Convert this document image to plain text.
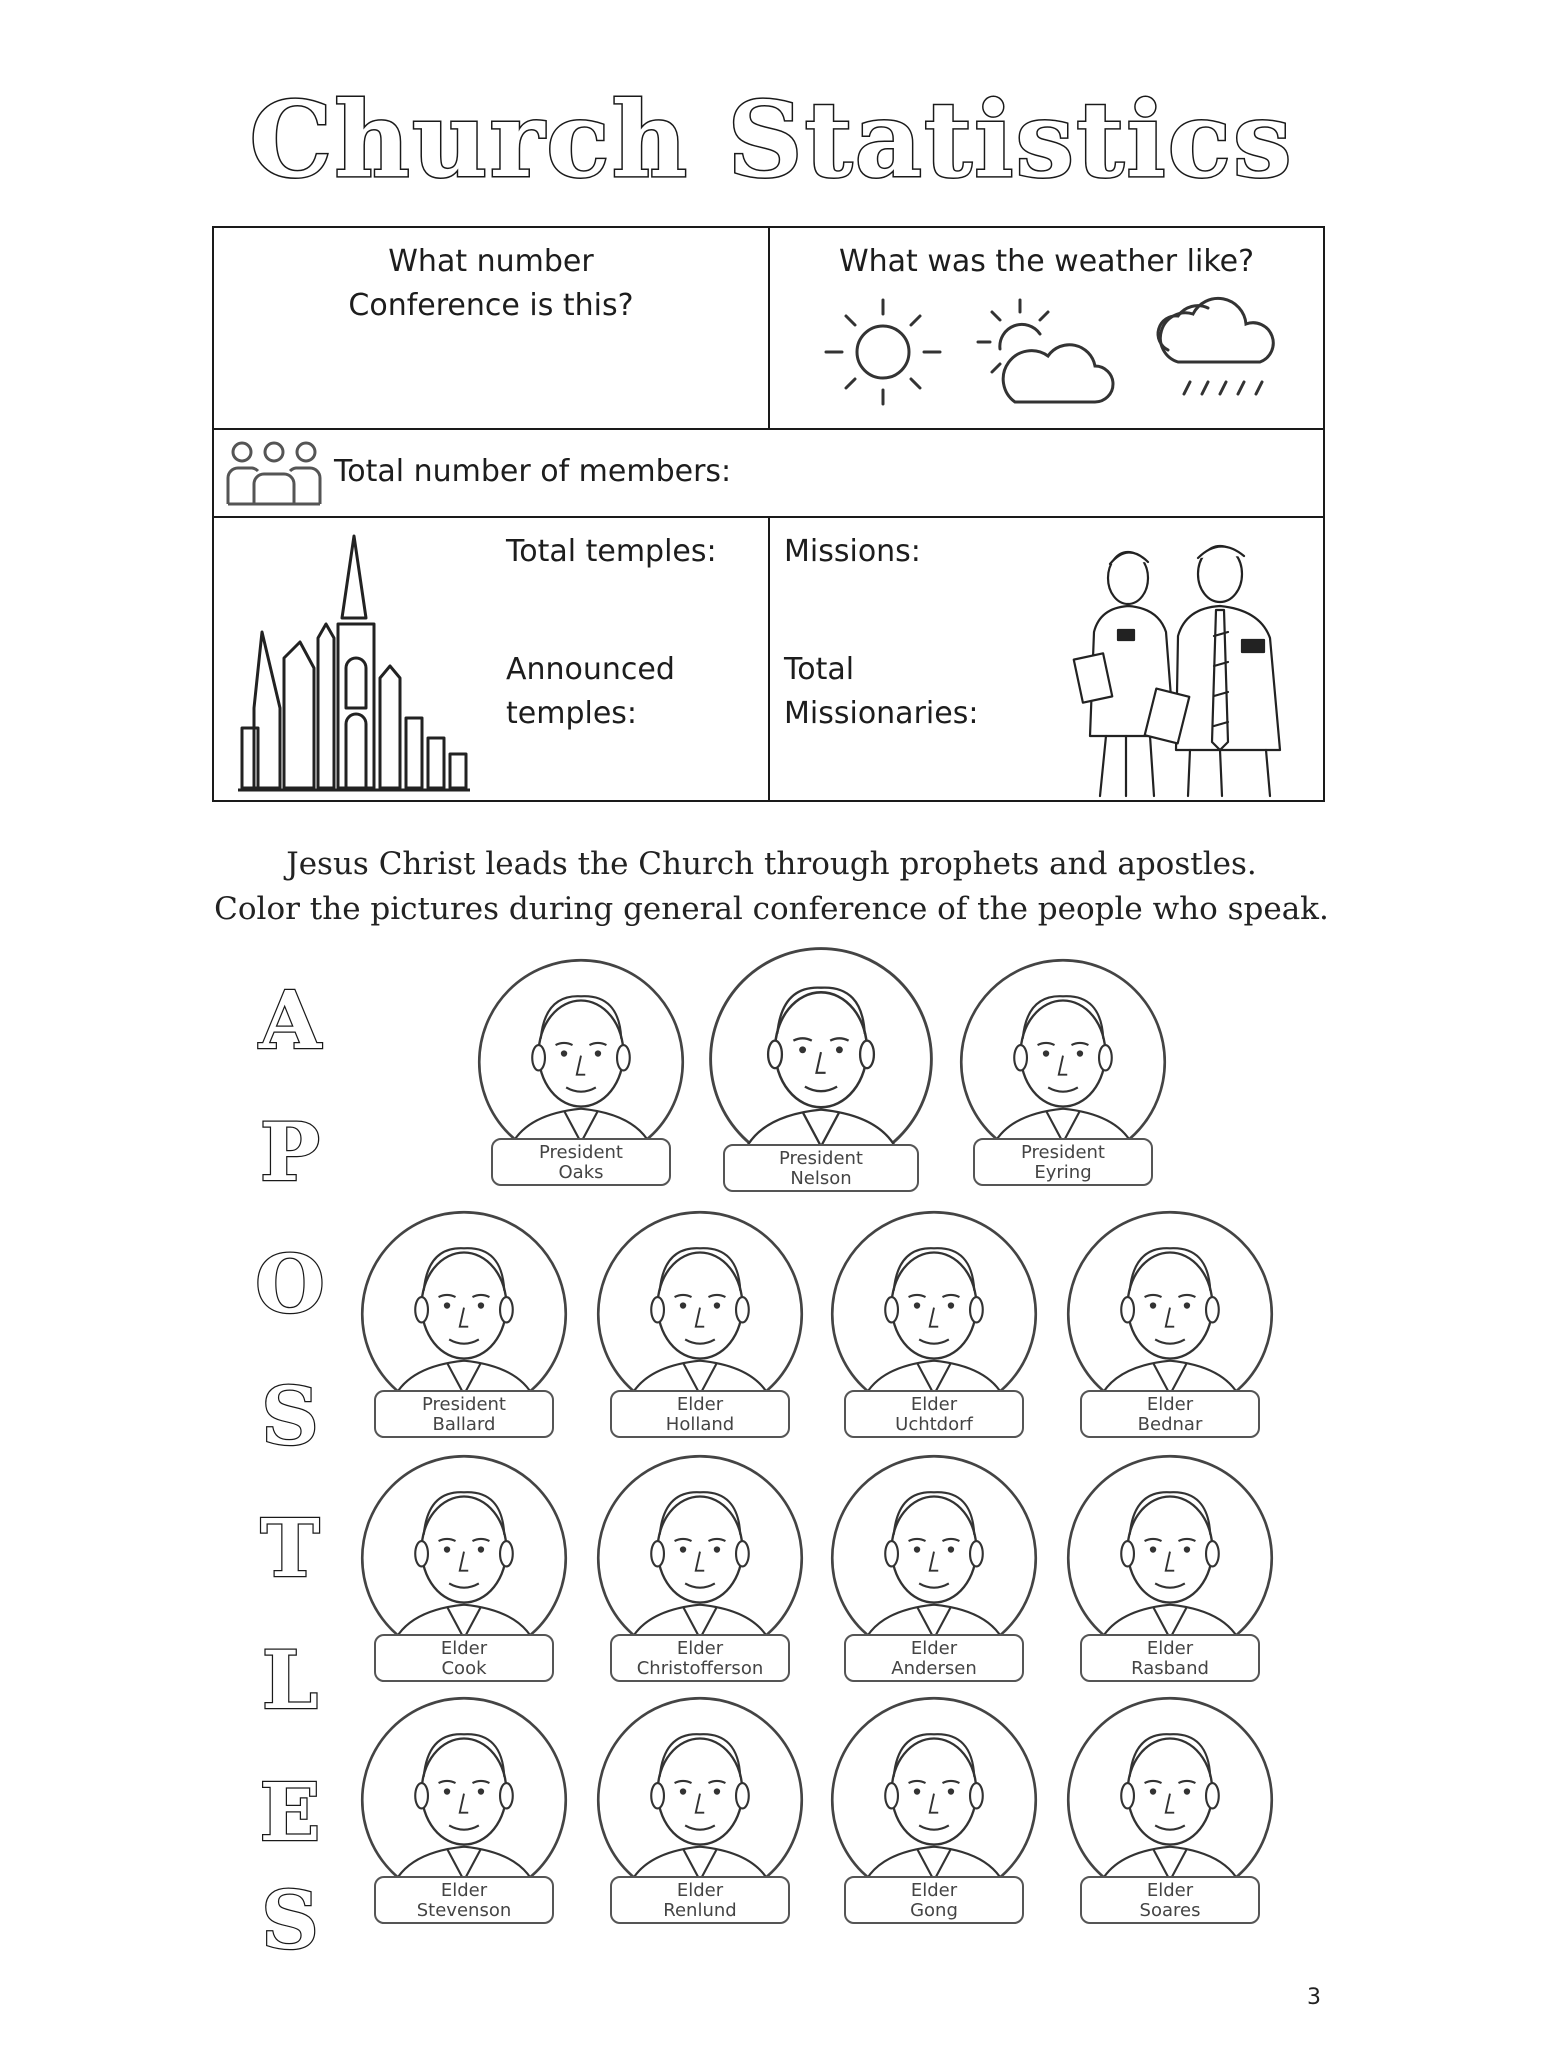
Church Statistics
What number
Conference is this?
What was the weather like?
Total number of members:
Total temples:
Announced
temples:
Missions:
Total
Missionaries:
Jesus Christ leads the Church through prophets and apostles.
Color the pictures during general conference of the people who speak.
A
P
O
S
T
L
E
S
President
Oaks
President
Nelson
President
Eyring
President
Ballard
Elder
Holland
Elder
Uchtdorf
Elder
Bednar
Elder
Cook
Elder
Christofferson
Elder
Andersen
Elder
Rasband
Elder
Stevenson
Elder
Renlund
Elder
Gong
Elder
Soares
3
